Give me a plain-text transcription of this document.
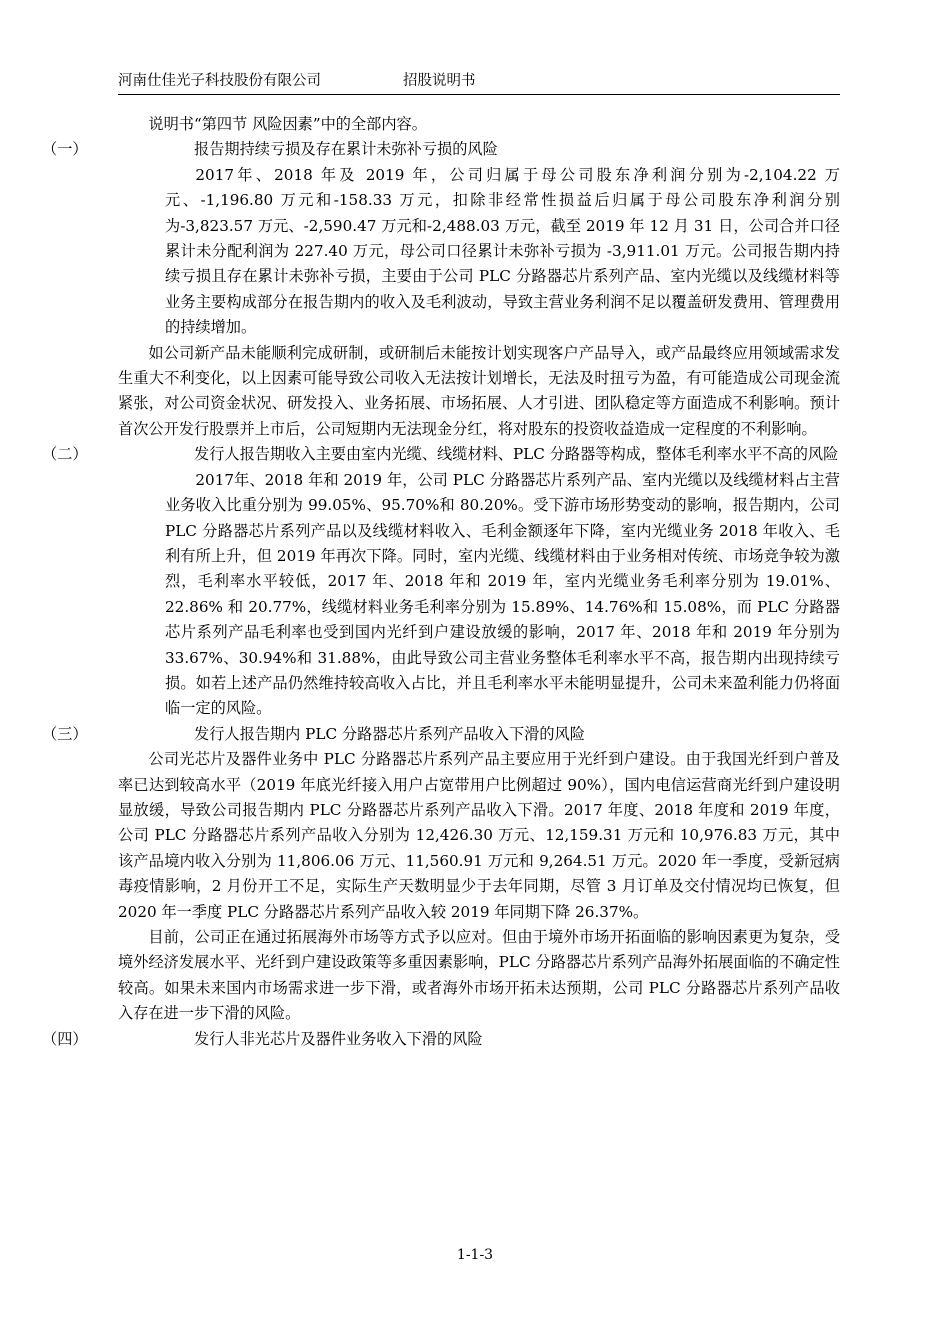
河南仕佳光子科技股份有限公司	招股说明书

说明书“第四节 风险因素”中的全部内容。

（一）	报告期持续亏损及存在累计未弥补亏损的风险

2017年、2018 年及 2019 年，公司归属于母公司股东净利润分别为-2,104.22 万元、-1,196.80 万元和-158.33 万元，扣除非经常性损益后归属于母公司股东净利润分别为-3,823.57 万元、-2,590.47 万元和-2,488.03 万元，截至 2019 年 12 月 31 日，公司合并口径累计未分配利润为 227.40 万元，母公司口径累计未弥补亏损为 -3,911.01 万元。公司报告期内持续亏损且存在累计未弥补亏损，主要由于公司 PLC 分路器芯片系列产品、室内光缆以及线缆材料等业务主要构成部分在报告期内的收入及毛利波动，导致主营业务利润不足以覆盖研发费用、管理费用的持续增加。

如公司新产品未能顺利完成研制，或研制后未能按计划实现客户产品导入，或产品最终应用领域需求发生重大不利变化，以上因素可能导致公司收入无法按计划增长，无法及时扭亏为盈，有可能造成公司现金流紧张，对公司资金状况、研发投入、业务拓展、市场拓展、人才引进、团队稳定等方面造成不利影响。预计首次公开发行股票并上市后，公司短期内无法现金分红，将对股东的投资收益造成一定程度的不利影响。

（二）	发行人报告期收入主要由室内光缆、线缆材料、PLC 分路器等构成，整体毛利率水平不高的风险

2017年、2018 年和 2019 年，公司 PLC 分路器芯片系列产品、室内光缆以及线缆材料占主营业务收入比重分别为 99.05%、95.70%和 80.20%。受下游市场形势变动的影响，报告期内，公司 PLC 分路器芯片系列产品以及线缆材料收入、毛利金额逐年下降，室内光缆业务 2018 年收入、毛利有所上升，但 2019 年再次下降。同时，室内光缆、线缆材料由于业务相对传统、市场竞争较为激烈，毛利率水平较低，2017 年、2018 年和 2019 年，室内光缆业务毛利率分别为 19.01%、22.86% 和 20.77%，线缆材料业务毛利率分别为 15.89%、14.76%和 15.08%，而 PLC 分路器芯片系列产品毛利率也受到国内光纤到户建设放缓的影响，2017 年、2018 年和 2019 年分别为 33.67%、30.94%和 31.88%，由此导致公司主营业务整体毛利率水平不高，报告期内出现持续亏损。如若上述产品仍然维持较高收入占比，并且毛利率水平未能明显提升，公司未来盈利能力仍将面临一定的风险。

（三）	发行人报告期内 PLC 分路器芯片系列产品收入下滑的风险

公司光芯片及器件业务中 PLC 分路器芯片系列产品主要应用于光纤到户建设。由于我国光纤到户普及率已达到较高水平（2019 年底光纤接入用户占宽带用户比例超过 90%），国内电信运营商光纤到户建设明显放缓，导致公司报告期内 PLC 分路器芯片系列产品收入下滑。2017 年度、2018 年度和 2019 年度，公司 PLC 分路器芯片系列产品收入分别为 12,426.30 万元、12,159.31 万元和 10,976.83 万元，其中该产品境内收入分别为 11,806.06 万元、11,560.91 万元和 9,264.51 万元。2020 年一季度，受新冠病毒疫情影响，2 月份开工不足，实际生产天数明显少于去年同期，尽管 3 月订单及交付情况均已恢复，但 2020 年一季度 PLC 分路器芯片系列产品收入较 2019 年同期下降 26.37%。

目前，公司正在通过拓展海外市场等方式予以应对。但由于境外市场开拓面临的影响因素更为复杂，受境外经济发展水平、光纤到户建设政策等多重因素影响，PLC 分路器芯片系列产品海外拓展面临的不确定性较高。如果未来国内市场需求进一步下滑，或者海外市场开拓未达预期，公司 PLC 分路器芯片系列产品收入存在进一步下滑的风险。

（四）	发行人非光芯片及器件业务收入下滑的风险

1-1-3
